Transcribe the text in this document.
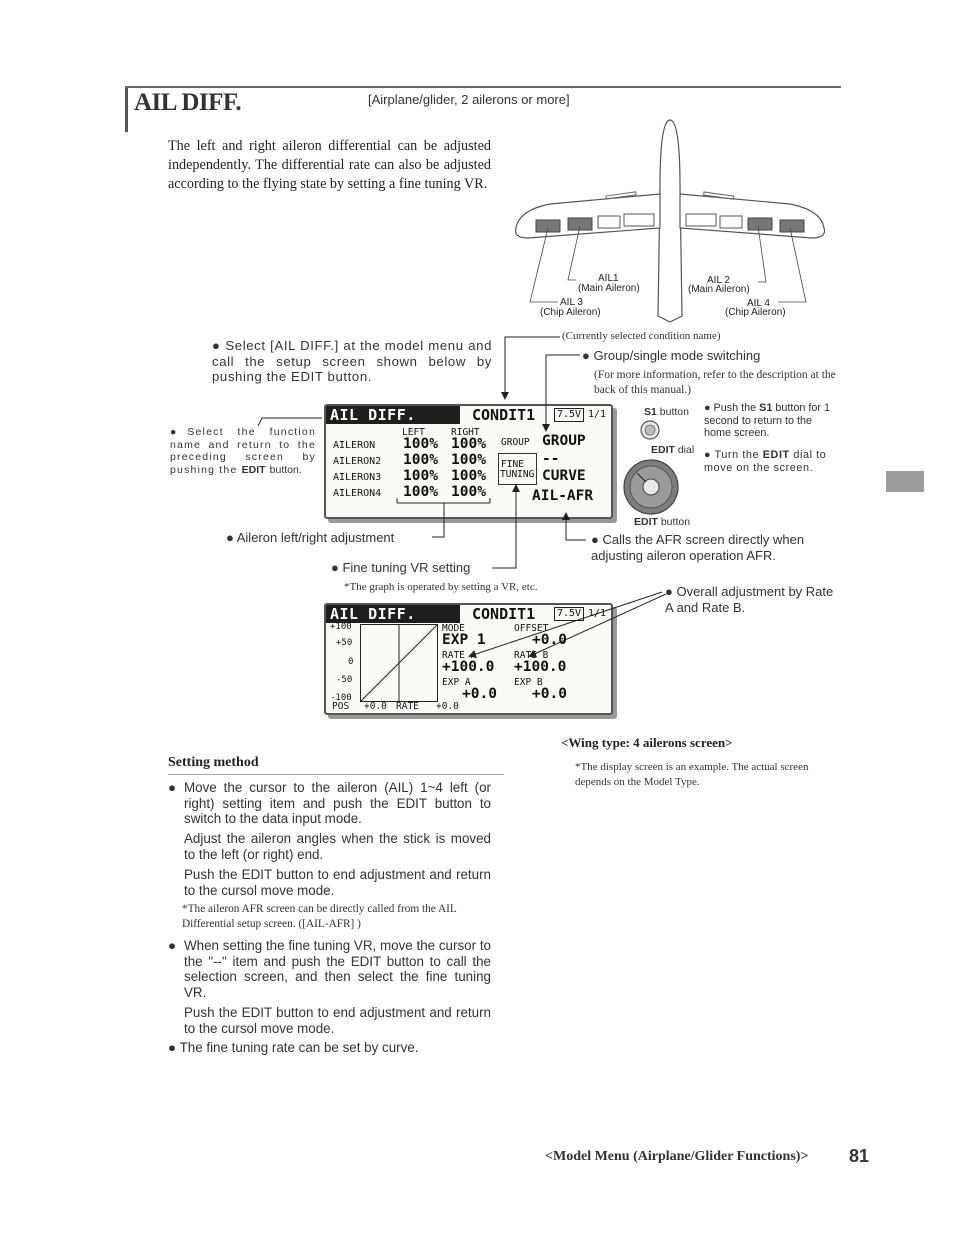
AIL DIFF.	[Airplane/glider, 2 ailerons or more]
The left and right aileron differential can be adjusted independently. The differential rate can also be adjusted according to the flying state by setting a fine tuning VR.
AIL1
(Main Aileron)
AIL 2
(Main Aileron)
AIL 3
(Chip Aileron)
AIL 4
(Chip Aileron)
● Select [AIL DIFF.] at the model menu and call the setup screen shown below by pushing the EDIT button.
(Currently selected condition name)
● Group/single mode switching
(For more information, refer to the description at the back of this manual.)
●Select the function name and return to the preceding screen by pushing the EDIT button.
S1 button
EDIT dial
EDIT button
● Push the S1 button for 1 second to return to the home screen.
● Turn the EDIT dial to move on the screen.
AIL DIFF.	CONDIT1	7.5V 1/1
LEFT	RIGHT
AILERON 100% 100%
AILERON2 100% 100%
AILERON3 100% 100%
AILERON4 100% 100%
GROUP GROUP
FINE
TUNING
--
CURVE
AIL-AFR
● Aileron left/right adjustment	● Calls the AFR screen directly when adjusting aileron operation AFR.
● Fine tuning VR setting
*The graph is operated by setting a VR, etc.	● Overall adjustment by Rate A and Rate B.
AIL DIFF.	CONDIT1	7.5V 1/1
+100
+50
0
-50
-100
POS +0.0 RATE +0.0
MODE
EXP 1
OFFSET
+0.0
RATE A
+100.0
RATE B
+100.0
EXP A
+0.0
EXP B
+0.0
<Wing type: 4 ailerons screen>
*The display screen is an example. The actual screen depends on the Model Type.
Setting method
● Move the cursor to the aileron (AIL) 1~4 left (or right) setting item and push the EDIT button to switch to the data input mode.
Adjust the aileron angles when the stick is moved to the left (or right) end.
Push the EDIT button to end adjustment and return to the cursol move mode.
*The aileron AFR screen can be directly called from the AIL Differential setup screen. ([AIL-AFR] )
● When setting the fine tuning VR, move the cursor to the "--" item and push the EDIT button to call the selection screen, and then select the fine tuning VR.
Push the EDIT button to end adjustment and return to the cursol move mode.
● The fine tuning rate can be set by curve.
<Model Menu (Airplane/Glider Functions)> 81
